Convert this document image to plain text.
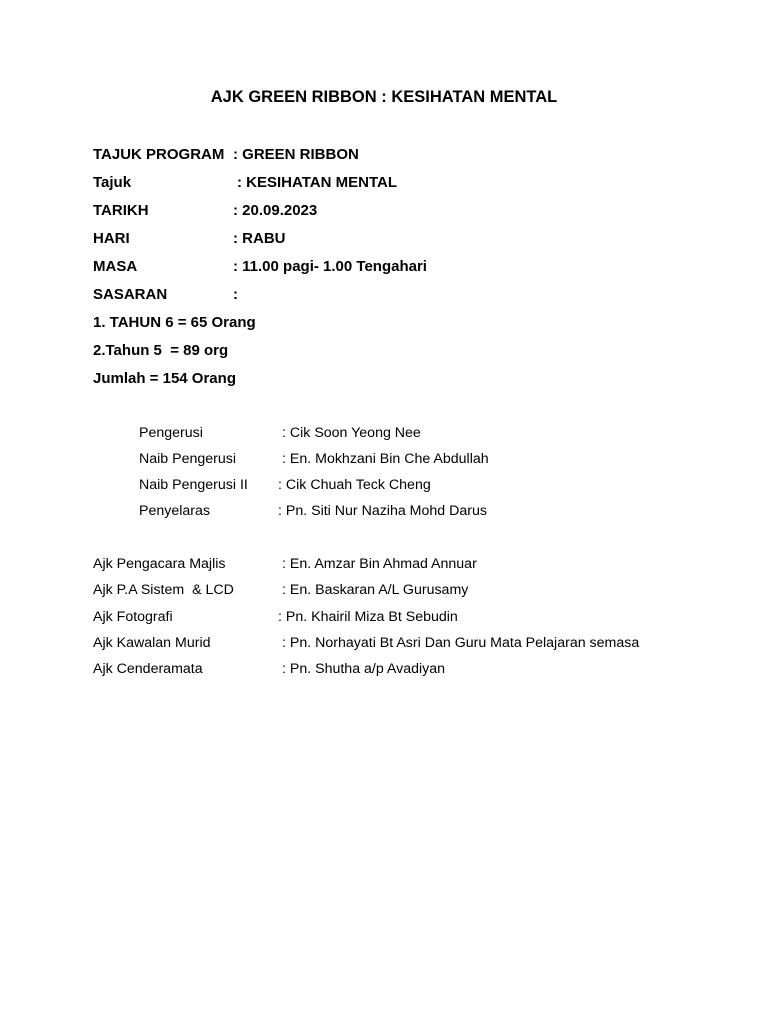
AJK GREEN RIBBON : KESIHATAN MENTAL
TAJUK PROGRAM : GREEN RIBBON
Tajuk	: KESIHATAN MENTAL
TARIKH	: 20.09.2023
HARI	: RABU
MASA	: 11.00 pagi- 1.00 Tengahari
SASARAN	:
1. TAHUN 6 = 65 Orang
2.Tahun 5  = 89 org
Jumlah = 154 Orang
Pengerusi	: Cik Soon Yeong Nee
Naib Pengerusi	: En. Mokhzani Bin Che Abdullah
Naib Pengerusi II : Cik Chuah Teck Cheng
Penyelaras	: Pn. Siti Nur Naziha Mohd Darus
Ajk Pengacara Majlis	: En. Amzar Bin Ahmad Annuar
Ajk P.A Sistem  & LCD	: En. Baskaran A/L Gurusamy
Ajk Fotografi	: Pn. Khairil Miza Bt Sebudin
Ajk Kawalan Murid	: Pn. Norhayati Bt Asri Dan Guru Mata Pelajaran semasa
Ajk Cenderamata	: Pn. Shutha a/p Avadiyan
